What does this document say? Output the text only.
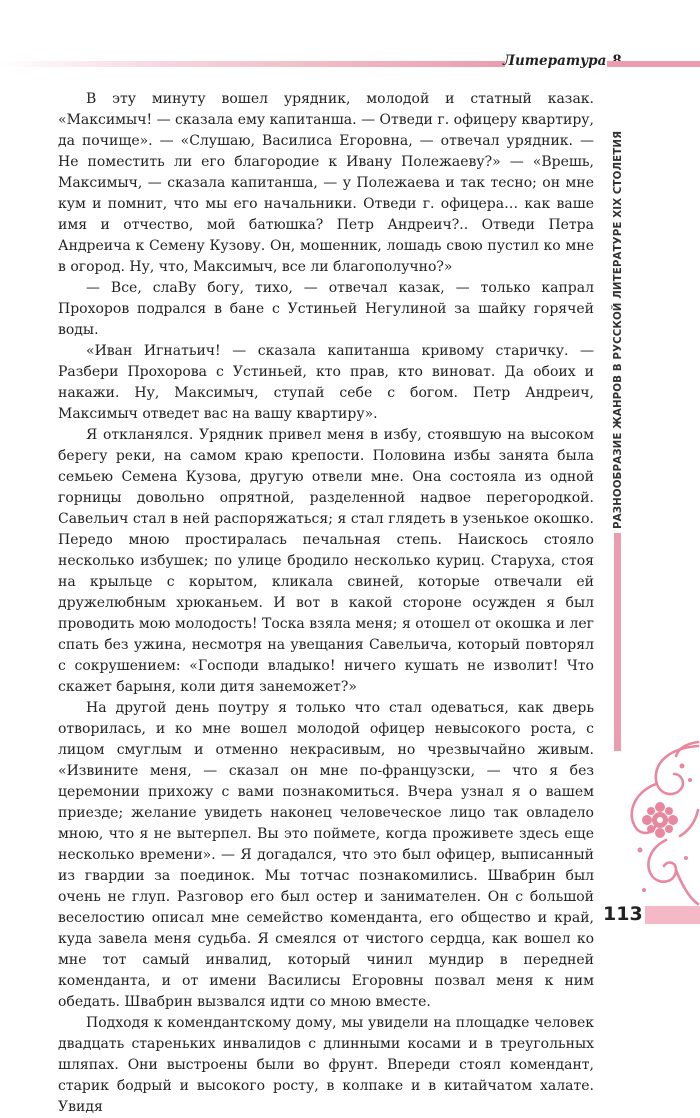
Литература

В эту минуту вошел урядник, молодой и статный казак. «Максимыч! — сказала ему капитанша. — Отведи г. офицеру квартиру, да почище». — «Слушаю, Василиса Егоровна, — отвечал урядник. — Не поместить ли его благородие к Ивану Полежаеву?» — «Врешь, Максимыч, — сказала капитанша, — у Полежаева и так тесно; он мне кум и помнит, что мы его начальники. Отведи г. офицера… как ваше имя и отчество, мой батюшка? Петр Андреич?.. Отведи Петра Андреича к Семену Кузову. Он, мошенник, лошадь свою пустил ко мне в огород. Ну, что, Максимыч, все ли благополучно?»

— Все, слаBу богу, тихо, — отвечал казак, — только капрал Прохоров подрался в бане с Устиньей Негулиной за шайку горячей воды.

«Иван Игнатьич! — сказала капитанша кривому старичку. — Разбери Прохорова с Устиньей, кто прав, кто виноват. Да обоих и накажи. Ну, Максимыч, ступай себе с богом. Петр Андреич, Максимыч отведет вас на вашу квартиру».

Я откланялся. Урядник привел меня в избу, стоявшую на высоком берегу реки, на самом краю крепости. Половина избы занята была семьею Семена Кузова, другую отвели мне. Она состояла из одной горницы довольно опрятной, разделенной надвое перегородкой. Савельич стал в ней распоряжаться; я стал глядеть в узенькое окошко. Передо мною простиралась печальная степь. Наискось стояло несколько избушек; по улице бродило несколько куриц. Старуха, стоя на крыльце с корытом, кликала свиней, которые отвечали ей дружелюбным хрюканьем. И вот в какой стороне осужден я был проводить мою молодость! Тоска взяла меня; я отошел от окошка и лег спать без ужина, несмотря на увещания Савельича, который повторял с сокрушением: «Господи владыко! ничего кушать не изволит! Что скажет барыня, коли дитя занеможет?»

На другой день поутру я только что стал одеваться, как дверь отворилась, и ко мне вошел молодой офицер невысокого роста, с лицом смуглым и отменно некрасивым, но чрезвычайно живым. «Извините меня, — сказал он мне по-французски, — что я без церемонии прихожу с вами познакомиться. Вчера узнал я о вашем приезде; желание увидеть наконец человеческое лицо так овладело мною, что я не вытерпел. Вы это поймете, когда проживете здесь еще несколько времени». — Я догадался, что это был офицер, выписанный из гвардии за поединок. Мы тотчас познакомились. Швабрин был очень не глуп. Разговор его был остер и занимателен. Он с большой веселостию описал мне семейство коменданта, его общество и край, куда завела меня судьба. Я смеялся от чистого сердца, как вошел ко мне тот самый инвалид, который чинил мундир в передней коменданта, и от имени Василисы Егоровны позвал меня к ним обедать. Швабрин вызвался идти со мною вместе.

Подходя к комендантскому дому, мы увидели на площадке человек двадцать стареньких инвалидов с длинными косами и в треугольных шляпах. Они выстроены были во фрунт. Впереди стоял комендант, старик бодрый и высокого росту, в колпаке и в китайчатом халате. Увидя

РАЗНООБРАЗИЕ ЖАНРОВ В РУССКОЙ ЛИТЕРАТУРЕ XIX СТОЛЕТИЯ
113
